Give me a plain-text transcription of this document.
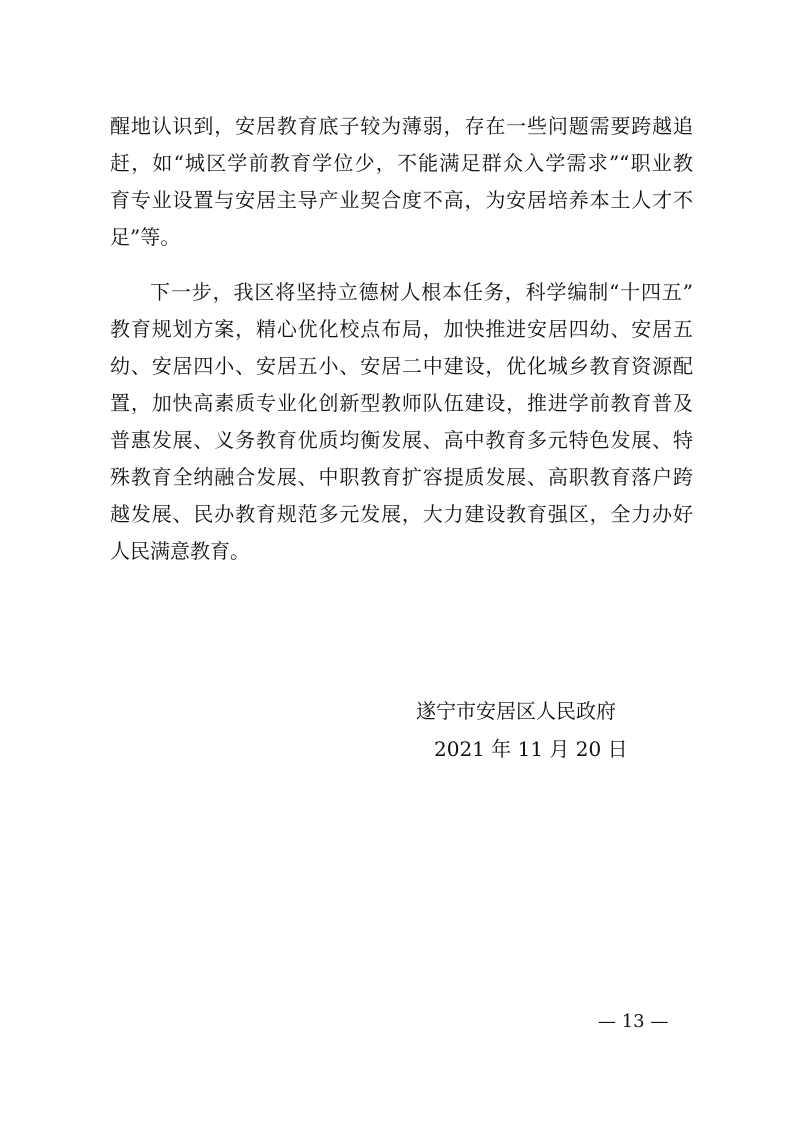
醒地认识到，安居教育底子较为薄弱，存在一些问题需要跨越追
赶，如“城区学前教育学位少，不能满足群众入学需求”“职业教
育专业设置与安居主导产业契合度不高，为安居培养本土人才不
足”等。
下一步，我区将坚持立德树人根本任务，科学编制“十四五”
教育规划方案，精心优化校点布局，加快推进安居四幼、安居五
幼、安居四小、安居五小、安居二中建设，优化城乡教育资源配
置，加快高素质专业化创新型教师队伍建设，推进学前教育普及
普惠发展、义务教育优质均衡发展、高中教育多元特色发展、特
殊教育全纳融合发展、中职教育扩容提质发展、高职教育落户跨
越发展、民办教育规范多元发展，大力建设教育强区，全力办好
人民满意教育。
遂宁市安居区人民政府
2021 年 11 月 20 日
— 13 —
